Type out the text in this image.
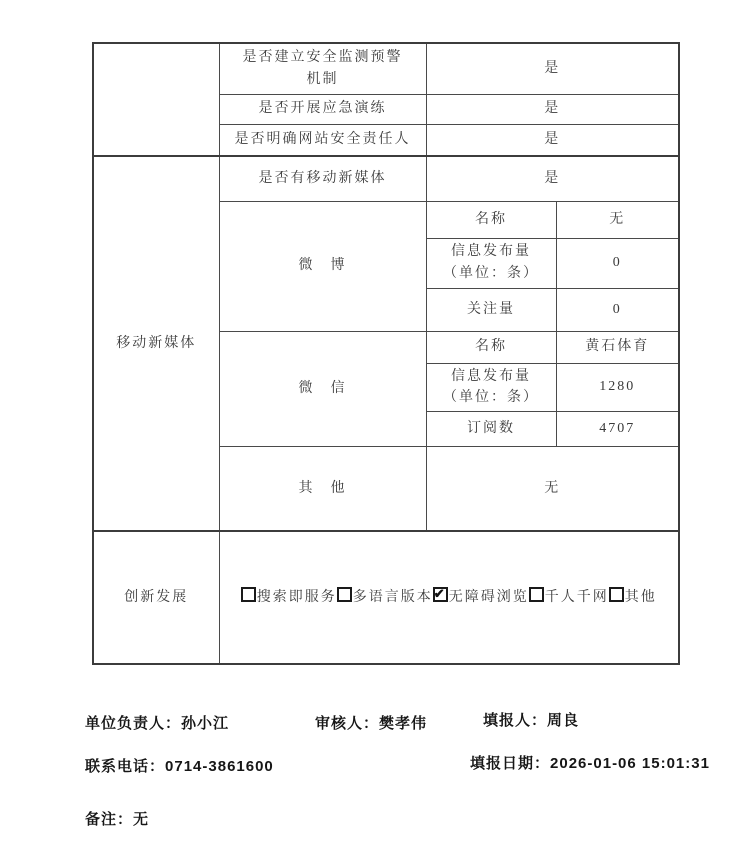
	是否建立安全监测预警
机制	是	
	是否开展应急演练	是	
	是否明确网站安全责任人	是	
移动新媒体	是否有移动新媒体	是	
	微　博	名称	无

		信息发布量
（单位：条）	0
		关注量	0
	微　信	名称	黄石体育

		信息发布量
（单位：条）	1280
		订阅数	4707
	其　他	无	
创新发展	搜索即服务 多语言版本 ✔ 无障碍浏览 千人千网 其他
单位负责人：孙小江	审核人：樊孝伟	填报人：周良
联系电话：0714-3861600	填报日期：2026-01-06 15:01:31
备注：无
